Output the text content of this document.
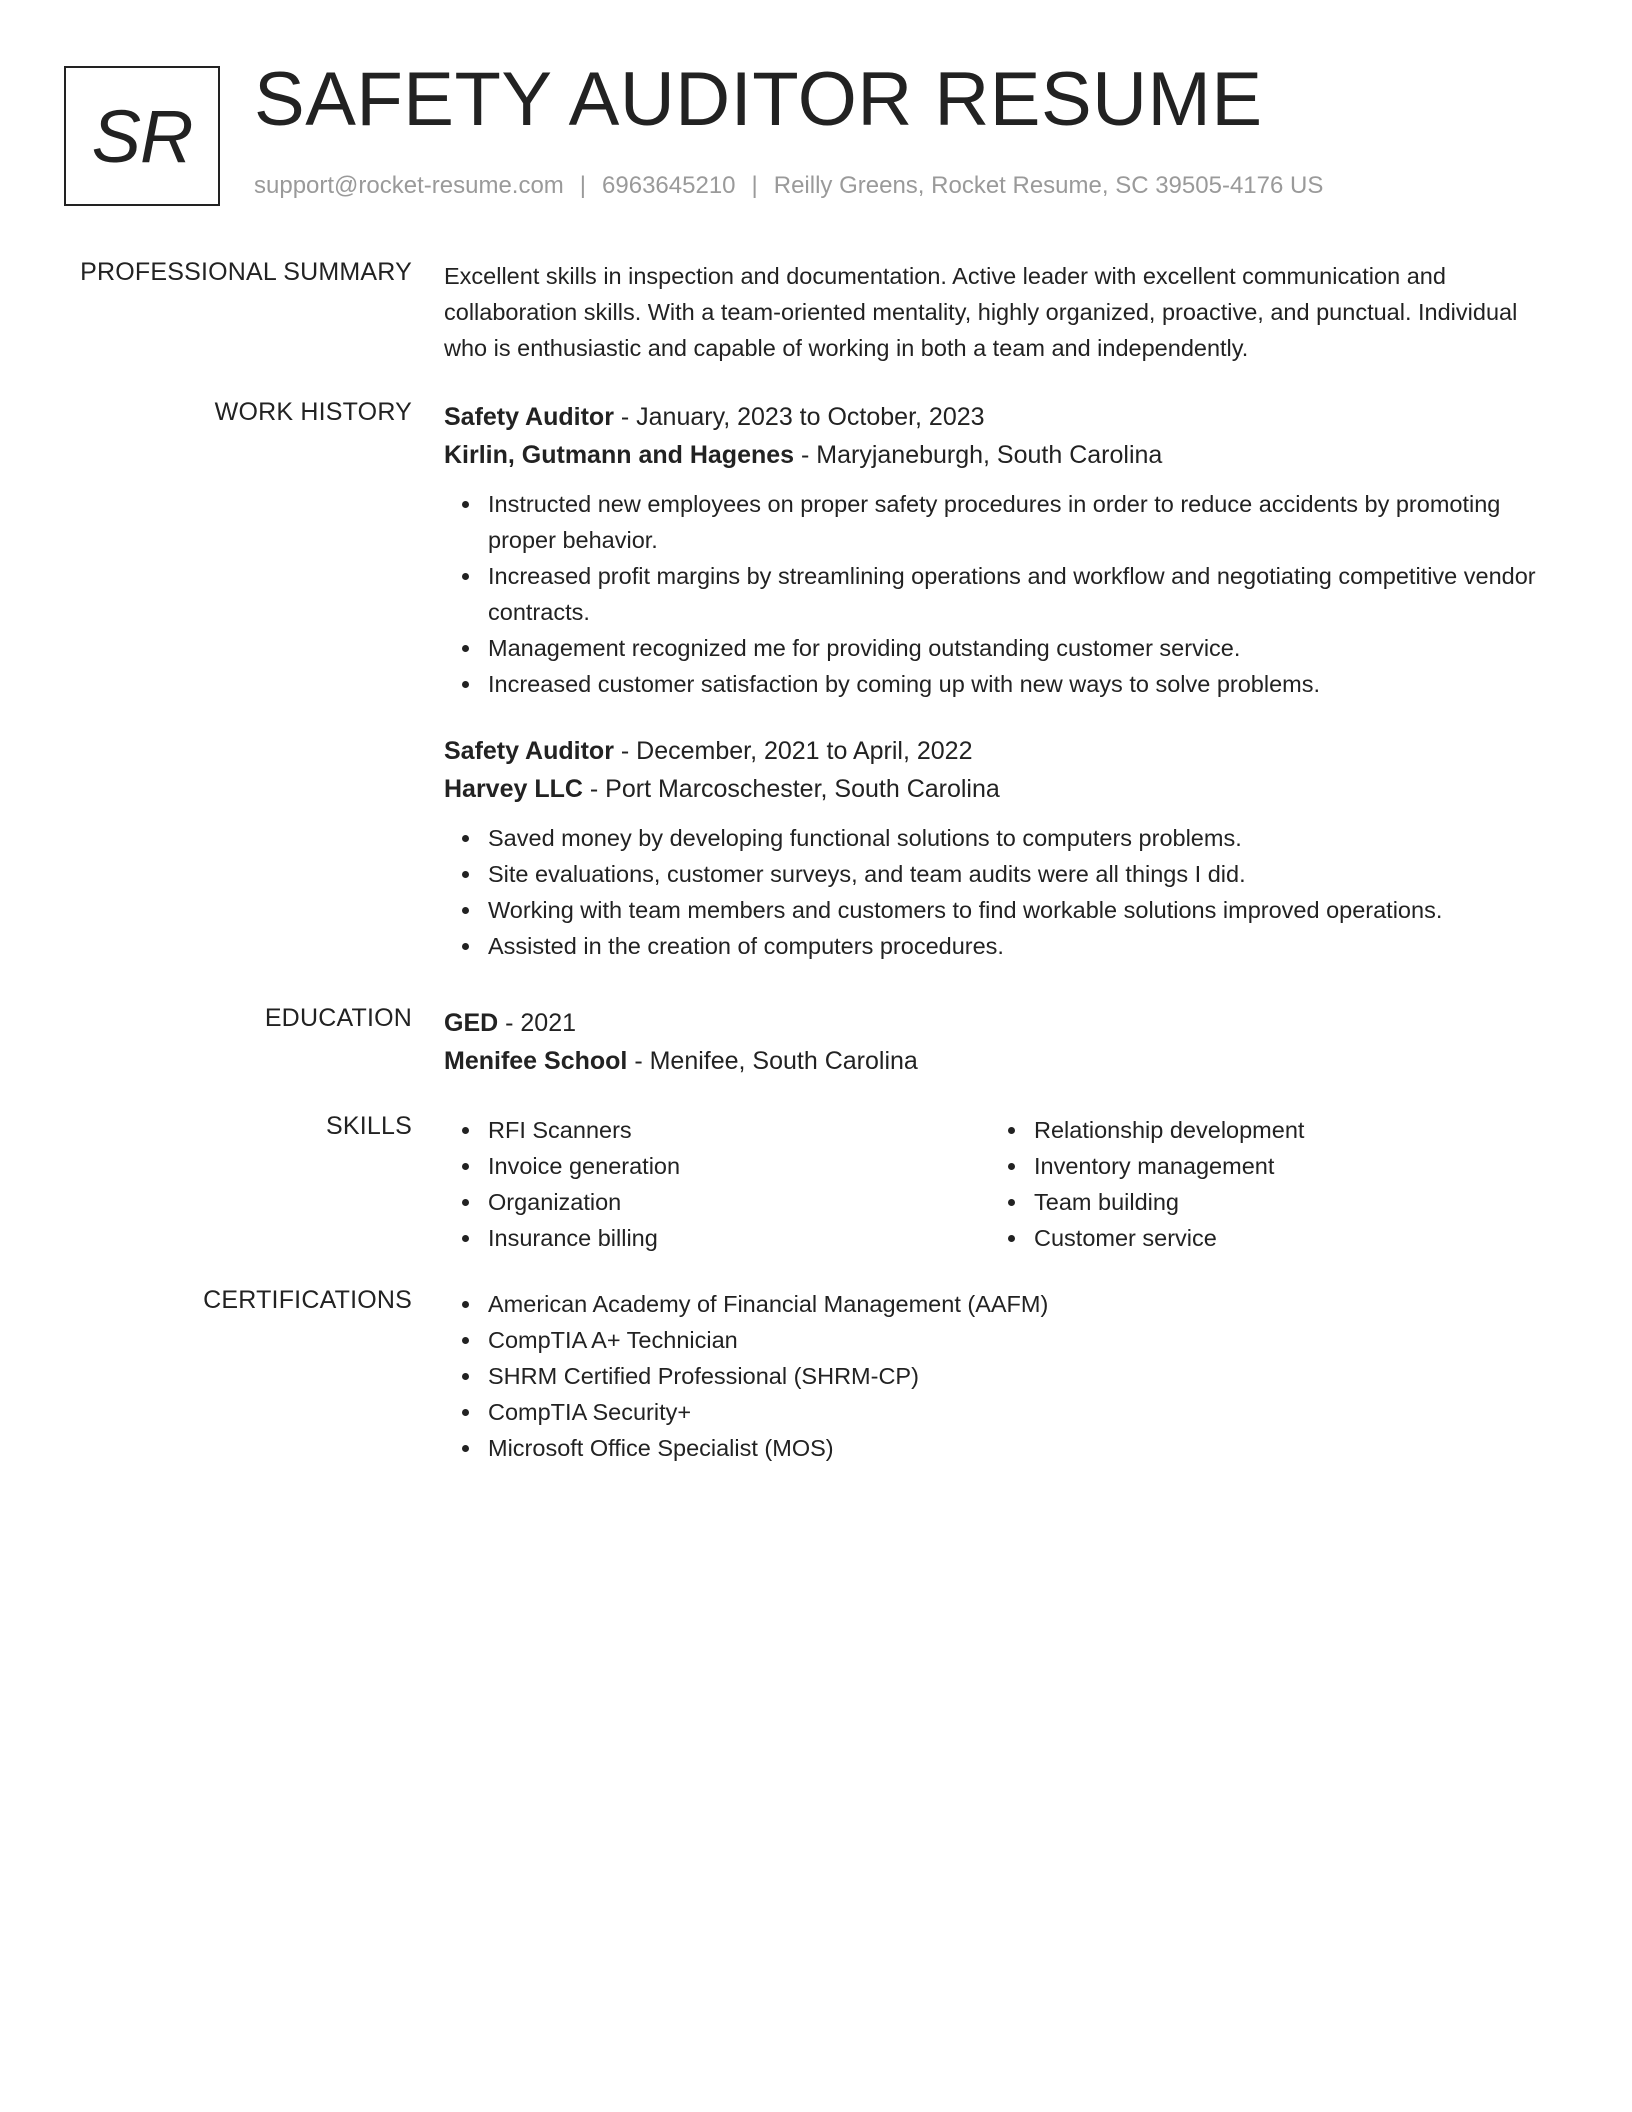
SR SAFETY AUDITOR RESUME
support@rocket-resume.com | 6963645210 | Reilly Greens, Rocket Resume, SC 39505-4176 US
PROFESSIONAL SUMMARY Excellent skills in inspection and documentation. Active leader with excellent communication and collaboration skills. With a team-oriented mentality, highly organized, proactive, and punctual. Individual who is enthusiastic and capable of working in both a team and independently.
WORK HISTORY Safety Auditor - January, 2023 to October, 2023
Kirlin, Gutmann and Hagenes - Maryjaneburgh, South Carolina
Instructed new employees on proper safety procedures in order to reduce accidents by promoting proper behavior.
Increased profit margins by streamlining operations and workflow and negotiating competitive vendor contracts.
Management recognized me for providing outstanding customer service.
Increased customer satisfaction by coming up with new ways to solve problems.
Safety Auditor - December, 2021 to April, 2022
Harvey LLC - Port Marcoschester, South Carolina
Saved money by developing functional solutions to computers problems.
Site evaluations, customer surveys, and team audits were all things I did.
Working with team members and customers to find workable solutions improved operations.
Assisted in the creation of computers procedures.
EDUCATION GED - 2021
Menifee School - Menifee, South Carolina
SKILLS	RFI Scanners
Invoice generation
Organization
Insurance billing
Relationship development
Inventory management
Team building
Customer service
CERTIFICATIONS	American Academy of Financial Management (AAFM)
CompTIA A+ Technician
SHRM Certified Professional (SHRM-CP)
CompTIA Security+
Microsoft Office Specialist (MOS)
